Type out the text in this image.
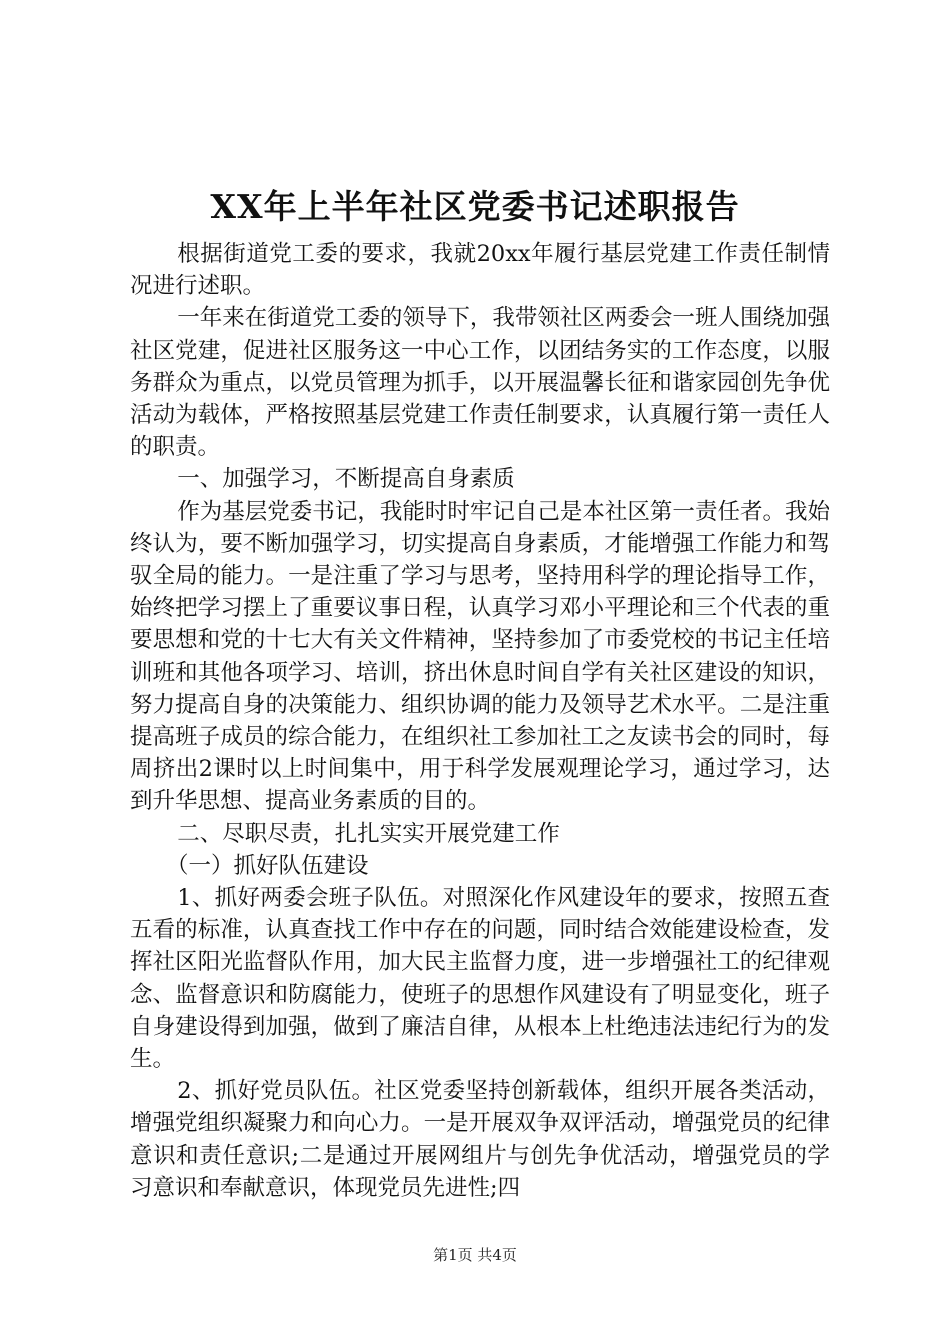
XX年上半年社区党委书记述职报告

根据街道党工委的要求，我就20xx年履行基层党建工作责任制情况进行述职。

一年来在街道党工委的领导下，我带领社区两委会一班人围绕加强社区党建，促进社区服务这一中心工作，以团结务实的工作态度，以服务群众为重点，以党员管理为抓手，以开展温馨长征和谐家园创先争优活动为载体，严格按照基层党建工作责任制要求，认真履行第一责任人的职责。

一、加强学习，不断提高自身素质

作为基层党委书记，我能时时牢记自己是本社区第一责任者。我始终认为，要不断加强学习，切实提高自身素质，才能增强工作能力和驾驭全局的能力。一是注重了学习与思考，坚持用科学的理论指导工作，始终把学习摆上了重要议事日程，认真学习邓小平理论和三个代表的重要思想和党的十七大有关文件精神，坚持参加了市委党校的书记主任培训班和其他各项学习、培训，挤出休息时间自学有关社区建设的知识，努力提高自身的决策能力、组织协调的能力及领导艺术水平。二是注重提高班子成员的综合能力，在组织社工参加社工之友读书会的同时，每周挤出2课时以上时间集中，用于科学发展观理论学习，通过学习，达到升华思想、提高业务素质的目的。

二、尽职尽责，扎扎实实开展党建工作

（一）抓好队伍建设

1、抓好两委会班子队伍。对照深化作风建设年的要求，按照五查五看的标准，认真查找工作中存在的问题，同时结合效能建设检查，发挥社区阳光监督队作用，加大民主监督力度，进一步增强社工的纪律观念、监督意识和防腐能力，使班子的思想作风建设有了明显变化，班子自身建设得到加强，做到了廉洁自律，从根本上杜绝违法违纪行为的发生。

2、抓好党员队伍。社区党委坚持创新载体，组织开展各类活动，增强党组织凝聚力和向心力。一是开展双争双评活动，增强党员的纪律意识和责任意识;二是通过开展网组片与创先争优活动，增强党员的学习意识和奉献意识，体现党员先进性;四

第1页 共4页
